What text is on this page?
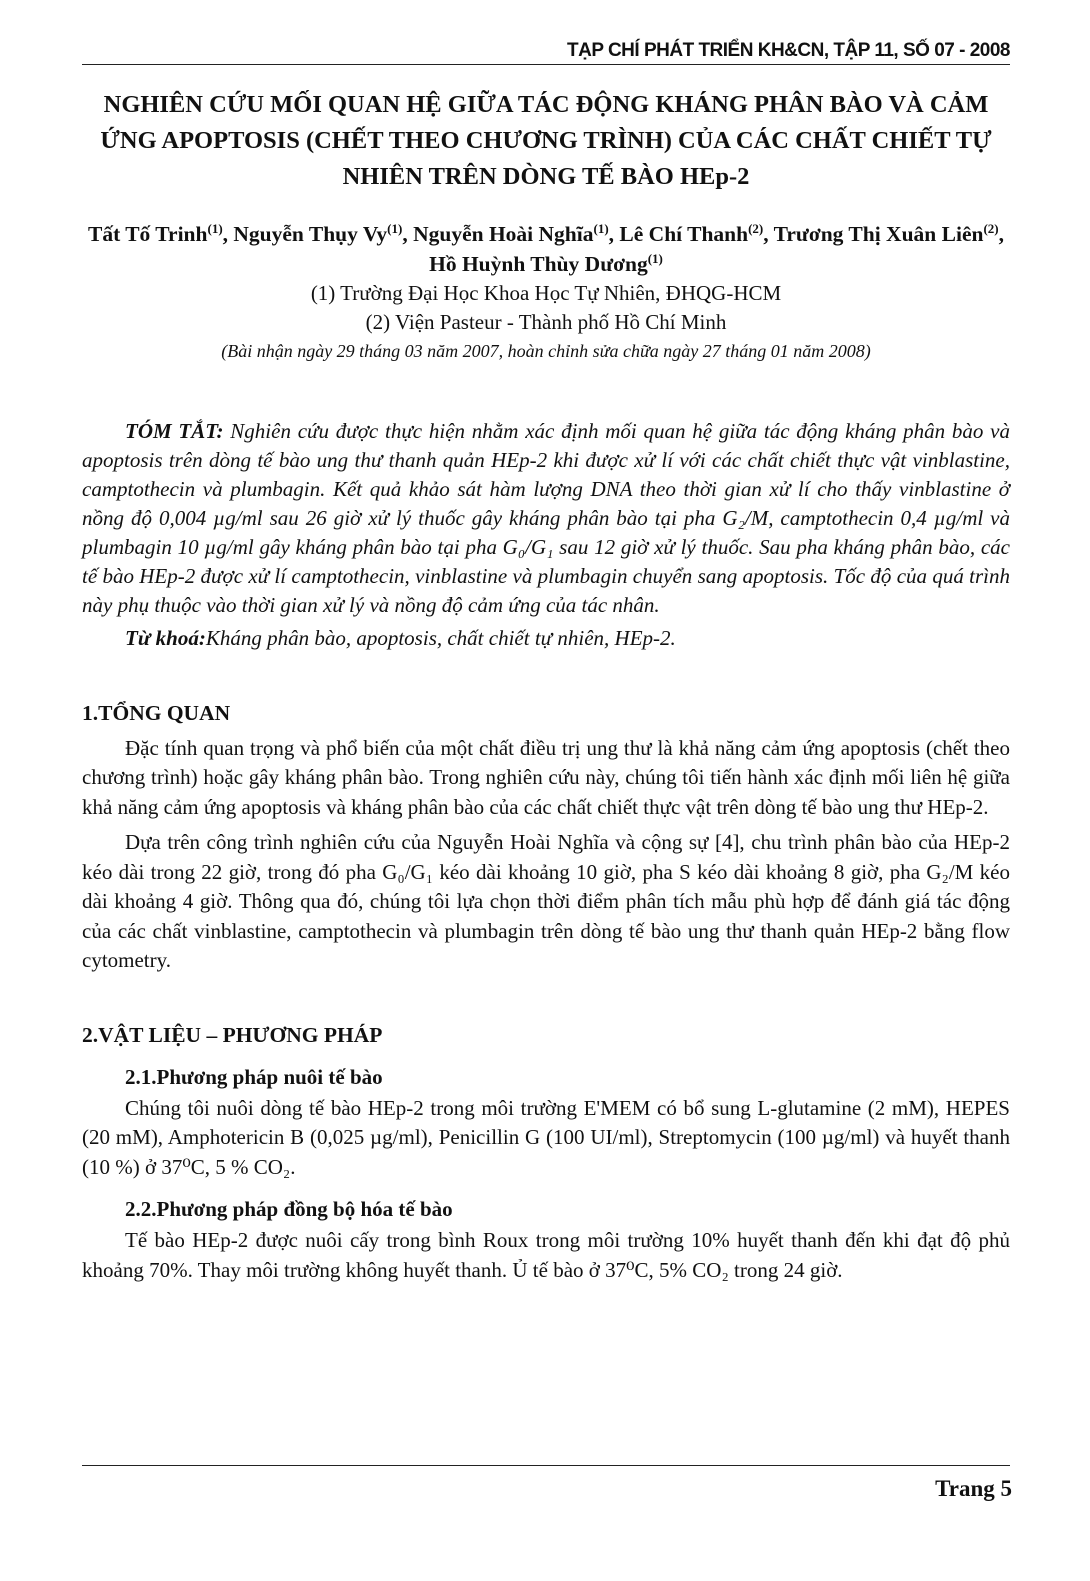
TẠP CHÍ PHÁT TRIỂN KH&CN, TẬP 11, SỐ 07 - 2008
NGHIÊN CỨU MỐI QUAN HỆ GIỮA TÁC ĐỘNG KHÁNG PHÂN BÀO VÀ CẢM ỨNG APOPTOSIS (CHẾT THEO CHƯƠNG TRÌNH) CỦA CÁC CHẤT CHIẾT TỰ NHIÊN TRÊN DÒNG TẾ BÀO HEp-2
Tất Tố Trinh$^{(1)}$, Nguyễn Thụy Vy$^{(1)}$, Nguyễn Hoài Nghĩa$^{(1)}$, Lê Chí Thanh$^{(2)}$, Trương Thị Xuân Liên$^{(2)}$, Hồ Huỳnh Thùy Dương$^{(1)}$
(1) Trường Đại Học Khoa Học Tự Nhiên, ĐHQG-HCM
(2) Viện Pasteur - Thành phố Hồ Chí Minh
(Bài nhận ngày 29 tháng 03 năm 2007, hoàn chỉnh sửa chữa ngày 27 tháng 01 năm 2008)
TÓM TẮT: Nghiên cứu được thực hiện nhằm xác định mối quan hệ giữa tác động kháng phân bào và apoptosis trên dòng tế bào ung thư thanh quản HEp-2 khi được xử lí với các chất chiết thực vật vinblastine, camptothecin và plumbagin. Kết quả khảo sát hàm lượng DNA theo thời gian xử lí cho thấy vinblastine ở nồng độ 0,004 µg/ml sau 26 giờ xử lý thuốc gây kháng phân bào tại pha G₂/M, camptothecin 0,4 µg/ml và plumbagin 10 µg/ml gây kháng phân bào tại pha G₀/G₁ sau 12 giờ xử lý thuốc. Sau pha kháng phân bào, các tế bào HEp-2 được xử lí camptothecin, vinblastine và plumbagin chuyển sang apoptosis. Tốc độ của quá trình này phụ thuộc vào thời gian xử lý và nồng độ cảm ứng của tác nhân.
Từ khoá:Kháng phân bào, apoptosis, chất chiết tự nhiên, HEp-2.
1.TỔNG QUAN
Đặc tính quan trọng và phổ biến của một chất điều trị ung thư là khả năng cảm ứng apoptosis (chết theo chương trình) hoặc gây kháng phân bào. Trong nghiên cứu này, chúng tôi tiến hành xác định mối liên hệ giữa khả năng cảm ứng apoptosis và kháng phân bào của các chất chiết thực vật trên dòng tế bào ung thư HEp-2.
Dựa trên công trình nghiên cứu của Nguyễn Hoài Nghĩa và cộng sự [4], chu trình phân bào của HEp-2 kéo dài trong 22 giờ, trong đó pha G₀/G₁ kéo dài khoảng 10 giờ, pha S kéo dài khoảng 8 giờ, pha G₂/M kéo dài khoảng 4 giờ. Thông qua đó, chúng tôi lựa chọn thời điểm phân tích mẫu phù hợp để đánh giá tác động của các chất vinblastine, camptothecin và plumbagin trên dòng tế bào ung thư thanh quản HEp-2 bằng flow cytometry.
2.VẬT LIỆU – PHƯƠNG PHÁP
2.1.Phương pháp nuôi tế bào
Chúng tôi nuôi dòng tế bào HEp-2 trong môi trường E'MEM có bổ sung L-glutamine (2 mM), HEPES (20 mM), Amphotericin B (0,025 µg/ml), Penicillin G (100 UI/ml), Streptomycin (100 µg/ml) và huyết thanh (10 %) ở 37⁰C, 5 % CO₂.
2.2.Phương pháp đồng bộ hóa tế bào
Tế bào HEp-2 được nuôi cấy trong bình Roux trong môi trường 10% huyết thanh đến khi đạt độ phủ khoảng 70%. Thay môi trường không huyết thanh. Ủ tế bào ở 37⁰C, 5% CO₂ trong 24 giờ.
Trang 5
